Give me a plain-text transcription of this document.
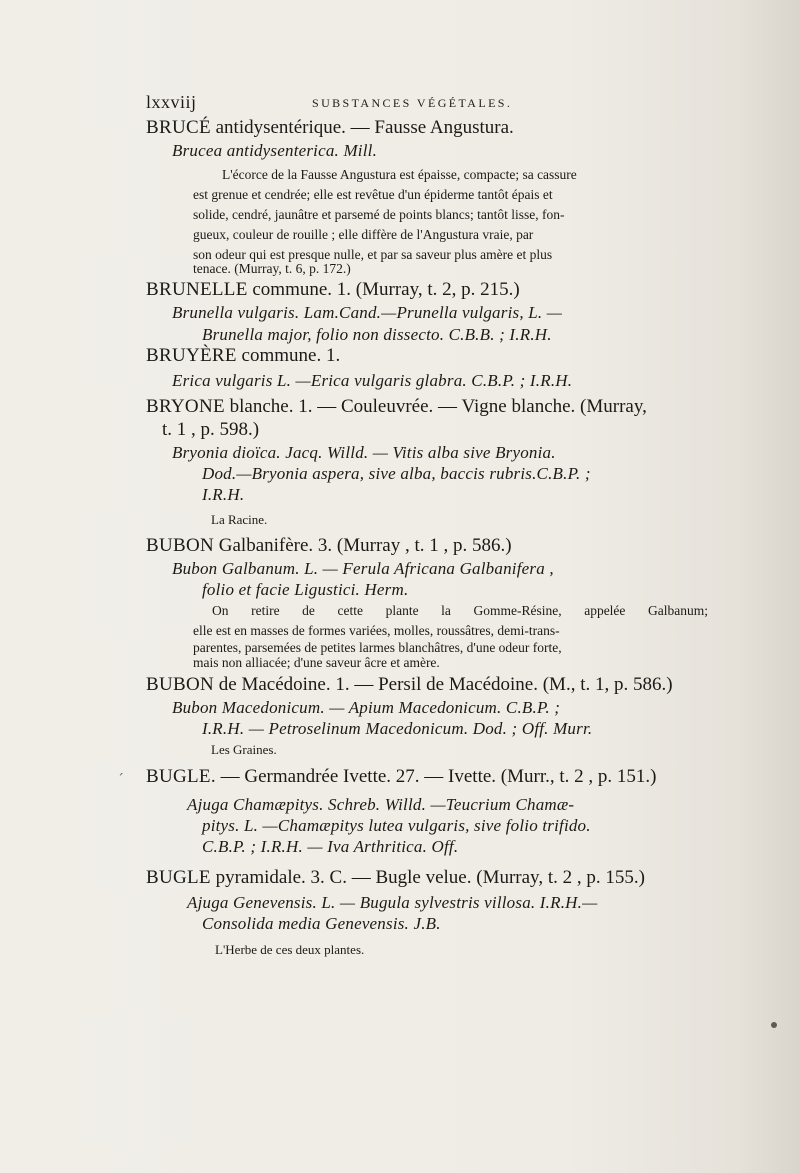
lxxviij	SUBSTANCES VÉGÉTALES.
BRUCÉ antidysentérique. — Fausse Angustura.
Brucea antidysenterica. Mill.
L'écorce de la Fausse Angustura est épaisse, compacte; sa cassure
est grenue et cendrée; elle est revêtue d'un épiderme tantôt épais et
solide, cendré, jaunâtre et parsemé de points blancs; tantôt lisse, fon-
gueux, couleur de rouille ; elle diffère de l'Angustura vraie, par
son odeur qui est presque nulle, et par sa saveur plus amère et plus
tenace. (Murray, t. 6, p. 172.)
BRUNELLE commune. 1. (Murray, t. 2, p. 215.)
Brunella vulgaris. Lam.Cand.—Prunella vulgaris, L. —
Brunella major, folio non dissecto. C.B.B. ; I.R.H.
BRUYÈRE commune. 1.
Erica vulgaris L. —Erica vulgaris glabra. C.B.P. ; I.R.H.
BRYONE blanche. 1. — Couleuvrée. — Vigne blanche. (Murray,
t. 1 , p. 598.)
Bryonia dioïca. Jacq. Willd. — Vitis alba sive Bryonia.
Dod.—Bryonia aspera, sive alba, baccis rubris.C.B.P. ;
I.R.H.
La Racine.
BUBON Galbanifère. 3. (Murray , t. 1 , p. 586.)
Bubon Galbanum. L. — Ferula Africana Galbanifera ,
folio et facie Ligustici. Herm.
On retire de cette plante la Gomme-Résine, appelée Galbanum;
elle est en masses de formes variées, molles, roussâtres, demi-trans-
parentes, parsemées de petites larmes blanchâtres, d'une odeur forte,
mais non alliacée; d'une saveur âcre et amère.
BUBON de Macédoine. 1. — Persil de Macédoine. (M., t. 1, p. 586.)
Bubon Macedonicum. — Apium Macedonicum. C.B.P. ;
I.R.H. — Petroselinum Macedonicum. Dod. ; Off. Murr.
Les Graines.
´ BUGLE. — Germandrée Ivette. 27. — Ivette. (Murr., t. 2 , p. 151.)
Ajuga Chamæpitys. Schreb. Willd. —Teucrium Chamæ-
pitys. L. —Chamæpitys lutea vulgaris, sive folio trifido.
C.B.P. ; I.R.H. — Iva Arthritica. Off.
BUGLE pyramidale. 3. C. — Bugle velue. (Murray, t. 2 , p. 155.)
Ajuga Genevensis. L. — Bugula sylvestris villosa. I.R.H.—
Consolida media Genevensis. J.B.
L'Herbe de ces deux plantes.
